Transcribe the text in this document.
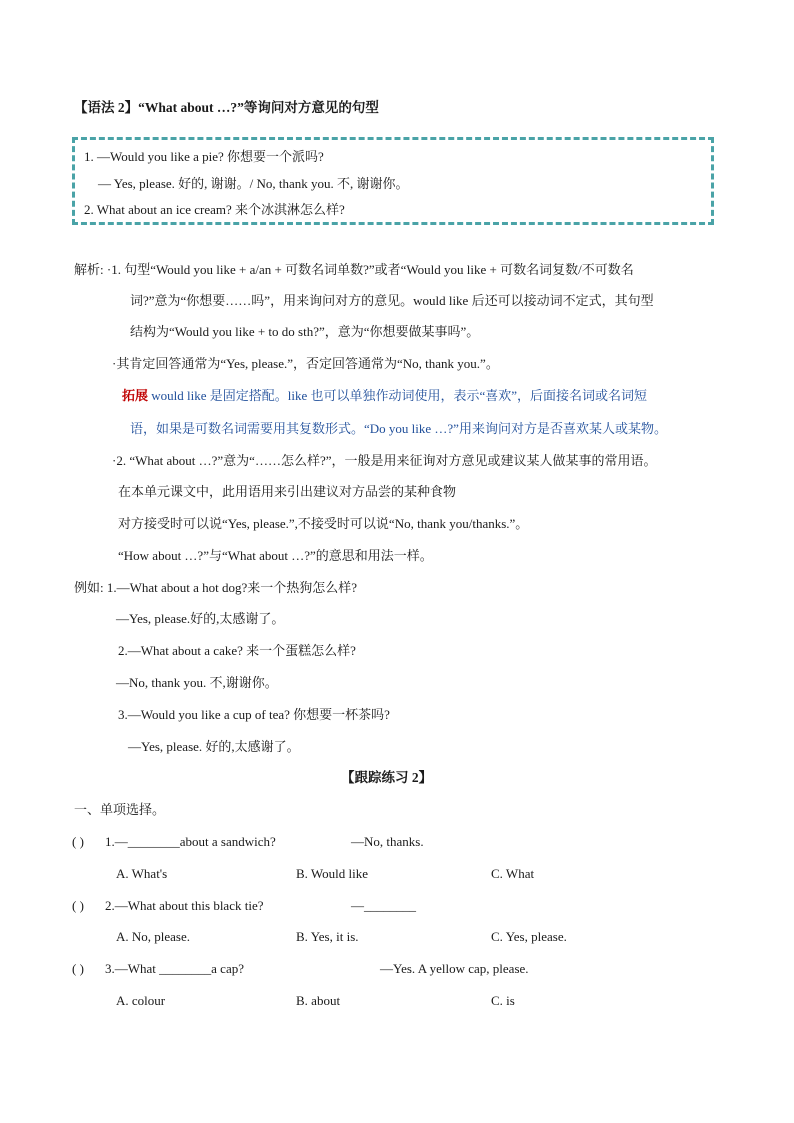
【语法 2】“What about …?”等询问对方意见的句型
1. —Would you like a pie? 你想要一个派吗?
— Yes, please. 好的, 谢谢。/ No, thank you. 不, 谢谢你。
2. What about an ice cream? 来个冰淇淋怎么样?
解析: ·1. 句型“Would you like + a/an + 可数名词单数?”或者“Would you like + 可数名词复数/不可数名
词?”意为“你想要……吗”，用来询问对方的意见。would like 后还可以接动词不定式，其句型
结构为“Would you like + to do sth?”，意为“你想要做某事吗”。
·其肯定回答通常为“Yes, please.”，否定回答通常为“No, thank you.”。
拓展 would like 是固定搭配。like 也可以单独作动词使用，表示“喜欢”，后面接名词或名词短
语，如果是可数名词需要用其复数形式。“Do you like …?”用来询问对方是否喜欢某人或某物。
·2. “What about …?”意为“……怎么样?”，一般是用来征询对方意见或建议某人做某事的常用语。
在本单元课文中，此用语用来引出建议对方品尝的某种食物
对方接受时可以说“Yes, please.”,不接受时可以说“No, thank you/thanks.”。
“How about …?”与“What about …?”的意思和用法一样。
例如: 1.—What about a hot dog?来一个热狗怎么样?
—Yes, please.好的,太感谢了。
2.—What about a cake? 来一个蛋糕怎么样?
—No, thank you. 不,谢谢你。
3.—Would you like a cup of tea? 你想要一杯茶吗?
—Yes, please. 好的,太感谢了。
【跟踪练习 2】
一、单项选择。
( ) 1.—________about a sandwich?	—No, thanks.
A. What's	B. Would like	C. What
( ) 2.—What about this black tie?	—________
A. No, please.	B. Yes, it is.	C. Yes, please.
( ) 3.—What ________a cap?	—Yes. A yellow cap, please.
A. colour	B. about	C. is
